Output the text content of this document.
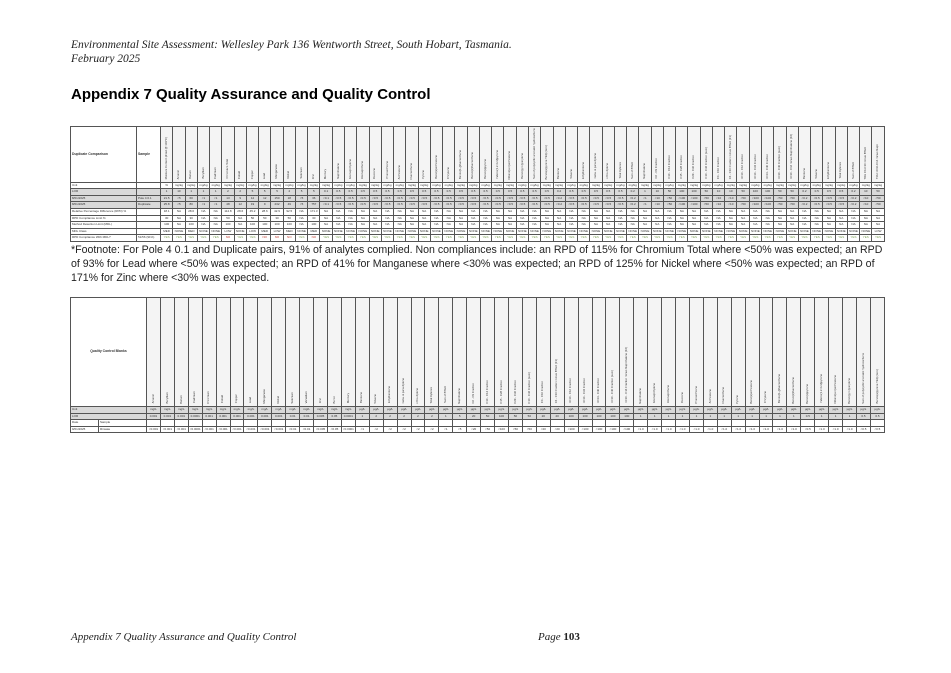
Environmental Site Assessment: Wellesley Park 136 Wentworth Street, South Hobart, Tasmania.
February 2025
Appendix 7 Quality Assurance and Quality Control
Duplicate Comparison	Sample	Moisture Content (dried @ 103°C)	Arsenic	Barium	Beryllium	Cadmium	Chromium Total	Cobalt	Copper	Lead	Manganese	Nickel	Selenium	Zinc	Mercury	Naphthalene	Acenaphthylene	Acenaphthene	Fluorene	Phenanthrene	Anthracene	Fluoranthene	Pyrene	Benz(a)anthracene	Chrysene	Benzo(b+j)fluoranthene	Benzo(k)fluoranthene	Benzo(a)pyrene	Indeno(1.2.3.cd)pyrene	Dibenz(a.h)anthracene	Benzo(g.h.i)perylene	Sum of polycyclic aromatic hydrocarbons	Benzo(a)pyrene TEQ (zero)	Benzene	Toluene	Ethylbenzene	meta- & para-Xylene	ortho-Xylene	Total Xylenes	Sum of BTEX	Naphthalene	C6 - C9 Fraction	C10 - C14 Fraction	C15 - C28 Fraction	C29 - C36 Fraction	C10 - C36 Fraction (sum)	C6 - C10 Fraction	C6 - C10 Fraction minus BTEX (F1)	>C10 - C16 Fraction	>C16 - C34 Fraction	>C34 - C40 Fraction	>C10 - C40 Fraction (sum)	>C10 - C16 minus Naphthalene (F2)	Benzene	Toluene	Ethylbenzene	Total Xylenes	Sum of BTEX	TRH C6-C10 minus BTEX	TRH >C10-C16 minus Naph
Unit		%	mg/kg	mg/kg	mg/kg	mg/kg	mg/kg	mg/kg	mg/kg	mg/kg	mg/kg	mg/kg	mg/kg	mg/kg	mg/kg	mg/kg	mg/kg	mg/kg	mg/kg	mg/kg	mg/kg	mg/kg	mg/kg	mg/kg	mg/kg	mg/kg	mg/kg	mg/kg	mg/kg	mg/kg	mg/kg	mg/kg	mg/kg	mg/kg	mg/kg	mg/kg	mg/kg	mg/kg	mg/kg	mg/kg	mg/kg	mg/kg	mg/kg	mg/kg	mg/kg	mg/kg	mg/kg	mg/kg	mg/kg	mg/kg	mg/kg	mg/kg	mg/kg	mg/kg	mg/kg	mg/kg	mg/kg	mg/kg	mg/kg	mg/kg
LOR		1	10	1	1	1	2	2	5	5	5	2	5	5	0.1	0.5	0.5	0.5	0.5	0.5	0.5	0.5	0.5	0.5	0.5	0.5	0.5	0.5	0.5	0.5	0.5	0.5	0.5	0.2	0.5	0.5	0.5	0.5	0.5	0.2	1	10	50	100	100	50	10	10	50	100	100	50	50	0.2	0.5	0.5	0.5	0.2	10	50
8/01/2025	Pole 4 0.1	21.5	<5	60	<1	<1	13	9	12	12	150	18	<5	36	<0.1	<0.5	<0.5	<0.5	<0.5	<0.5	<0.5	<0.5	<0.5	<0.5	<0.5	<0.5	<0.5	<0.5	<0.5	<0.5	<0.5	<0.5	<0.5	<0.2	<0.5	<0.5	<0.5	<0.5	<0.5	<0.2	<1	<10	<50	<100	<100	<50	<10	<10	<50	<100	<100	<50	<50	<0.2	<0.5	<0.5	<0.5	<0.2	<10	<50
8/01/2025	Duplicate	25.8	<5	80	<1	<1	48	12	19	9	232	49	<5	757	<0.1	<0.5	<0.5	<0.5	<0.5	<0.5	<0.5	<0.5	<0.5	<0.5	<0.5	<0.5	<0.5	<0.5	<0.5	<0.5	<0.5	<0.5	<0.5	<0.2	<0.5	<0.5	<0.5	<0.5	<0.5	<0.2	<1	<10	<50	<100	<100	<50	<10	<10	<50	<100	<100	<50	<50	<0.2	<0.5	<0.5	<0.5	<0.2	<10	<50
Relative Percentage Difference (RPD) %		18.1	NA	28.6	NA	NA	114.8	28.6	45.2	28.6	42.9	92.5	NA	171.3	NA	NA	NA	NA	NA	NA	NA	NA	NA	NA	NA	NA	NA	NA	NA	NA	NA	NA	NA	NA	NA	NA	NA	NA	NA	NA	NA	NA	NA	NA	NA	NA	NA	NA	NA	NA	NA	NA	NA	NA	NA	NA	NA	NA	NA	NA
RPD Compliance Limit %		30	NA	30	NA	NA	50	NA	50	50	30	50	NA	30	NA	NA	NA	NA	NA	NA	NA	NA	NA	NA	NA	NA	NA	NA	NA	NA	NA	NA	NA	NA	NA	NA	NA	NA	NA	NA	NA	NA	NA	NA	NA	NA	NA	NA	NA	NA	NA	NA	NA	NA	NA	NA	NA	NA	NA	NA
Method Detection Limit (MDL)		100	NA	100	NA	NA	100	NA	100	100	100	100	NA	100	NA	NA	NA	NA	NA	NA	NA	NA	NA	NA	NA	NA	NA	NA	NA	NA	NA	NA	NA	NA	NA	NA	NA	NA	NA	NA	NA	NA	NA	NA	NA	NA	NA	NA	NA	NA	NA	NA	NA	NA	NA	NA	NA	NA	NA	NA
MDL Class		MED	NONE	MED	NONE	NONE	LOW	NONE	LOW	MED	LOW	MED	NONE	MED	NONE	NONE	NONE	NONE	NONE	NONE	NONE	NONE	NONE	NONE	NONE	NONE	NONE	NONE	NONE	NONE	NONE	NONE	NONE	NONE	NONE	NONE	NONE	NONE	NONE	NONE	NONE	NONE	NONE	NONE	NONE	NONE	NONE	NONE	NONE	NONE	NONE	NONE	NONE	NONE	NONE	NONE	NONE	NONE	NONE	LOW
RPD Compliance With MDL?	51/56 (91%)	YES	YES	YES	YES	YES	NO	YES	YES	NO	NO	NO	YES	NO	YES	YES	YES	YES	YES	YES	YES	YES	YES	YES	YES	YES	YES	YES	YES	YES	YES	YES	YES	YES	YES	YES	YES	YES	YES	YES	YES	YES	YES	YES	YES	YES	YES	YES	YES	YES	YES	YES	YES	YES	YES	YES	YES	YES	YES	YES
*Footnote: For Pole 4 0.1 and Duplicate pairs, 91% of analytes complied. Non compliances include: an RPD of 115% for Chromium Total where <50% was expected; an RPD of 93% for Lead where <50% was expected; an RPD of 41% for Manganese where <30% was expected; an RPD of 125% for Nickel where <50% was expected; an RPD of 171% for Zinc where <30% was expected.
Quality Control Blanks		Arsenic	Beryllium	Barium	Cadmium	Chromium	Cobalt	Copper	Lead	Manganese	Nickel	Selenium	Vanadium	Zinc	Boron	Mercury	Benzene	Toluene	Ethylbenzene	meta- & para-Xylene	ortho-Xylene	Total Xylenes	Sum of BTEX	Naphthalene	C6 - C9 Fraction	C10 - C14 Fraction	C15 - C28 Fraction	C29 - C36 Fraction	C10 - C36 Fraction (sum)	C6 - C10 Fraction	C6 - C10 Fraction minus BTEX (F1)	>C10 - C16 Fraction	>C16 - C34 Fraction	>C34 - C40 Fraction	>C10 - C40 Fraction (sum)	>C10 - C16 Fraction minus Naphthalene (F2)	Naphthalene	Acenaphthylene	Acenaphthene	Fluorene	Phenanthrene	Anthracene	Fluoranthene	Pyrene	Benz(a)anthracene	Chrysene	Benzo(b+j)fluoranthene	Benzo(k)fluoranthene	Benzo(a)pyrene	Indeno(1.2.3.cd)pyrene	Dibenz(a.h)anthracene	Benzo(g.h.i)perylene	Sum of polycyclic aromatic hydrocarbons	Benzo(a)pyrene TEQ (zero)
Unit		mg/L	mg/L	mg/L	mg/L	mg/L	mg/L	mg/L	mg/L	mg/L	mg/L	mg/L	mg/L	mg/L	mg/L	mg/L	µg/L	µg/L	µg/L	µg/L	µg/L	µg/L	µg/L	µg/L	µg/L	µg/L	µg/L	µg/L	µg/L	µg/L	µg/L	µg/L	µg/L	µg/L	µg/L	µg/L	µg/L	µg/L	µg/L	µg/L	µg/L	µg/L	µg/L	µg/L	µg/L	µg/L	µg/L	µg/L	µg/L	µg/L	µg/L	µg/L	µg/L	µg/L
LOR		0.001	0.001	0.001	0.0001	0.001	0.001	0.001	0.001	0.001	0.001	0.01	0.01	0.005	0.05	0.0001	1	2	2	2	2	2	1	5	20	50	100	50	50	20	20	100	100	100	100	100	1	1	1	1	1	1	1	1	1	1	1	1	0.5	1	1	1	0.5	0.5
Date	Sample																																																					
9/01/2025	Rinsate	<0.001	<0.001	<0.001	<0.0001	<0.001	<0.001	<0.001	<0.001	<0.001	<0.001	<0.01	<0.01	<0.005	<0.05	<0.0001	<1	<2	<2	<2	<2	<2	<1	<5	<20	<50	<100	<50	<50	<20	<20	<100	<100	<100	<100	<100	<1.0	<1.0	<1.0	<1.0	<1.0	<1.0	<1.0	<1.0	<1.0	<1.0	<1.0	<1.0	<0.5	<1.0	<1.0	<1.0	<0.5	<0.5
Appendix 7 Quality Assurance and Quality Control	Page 103
